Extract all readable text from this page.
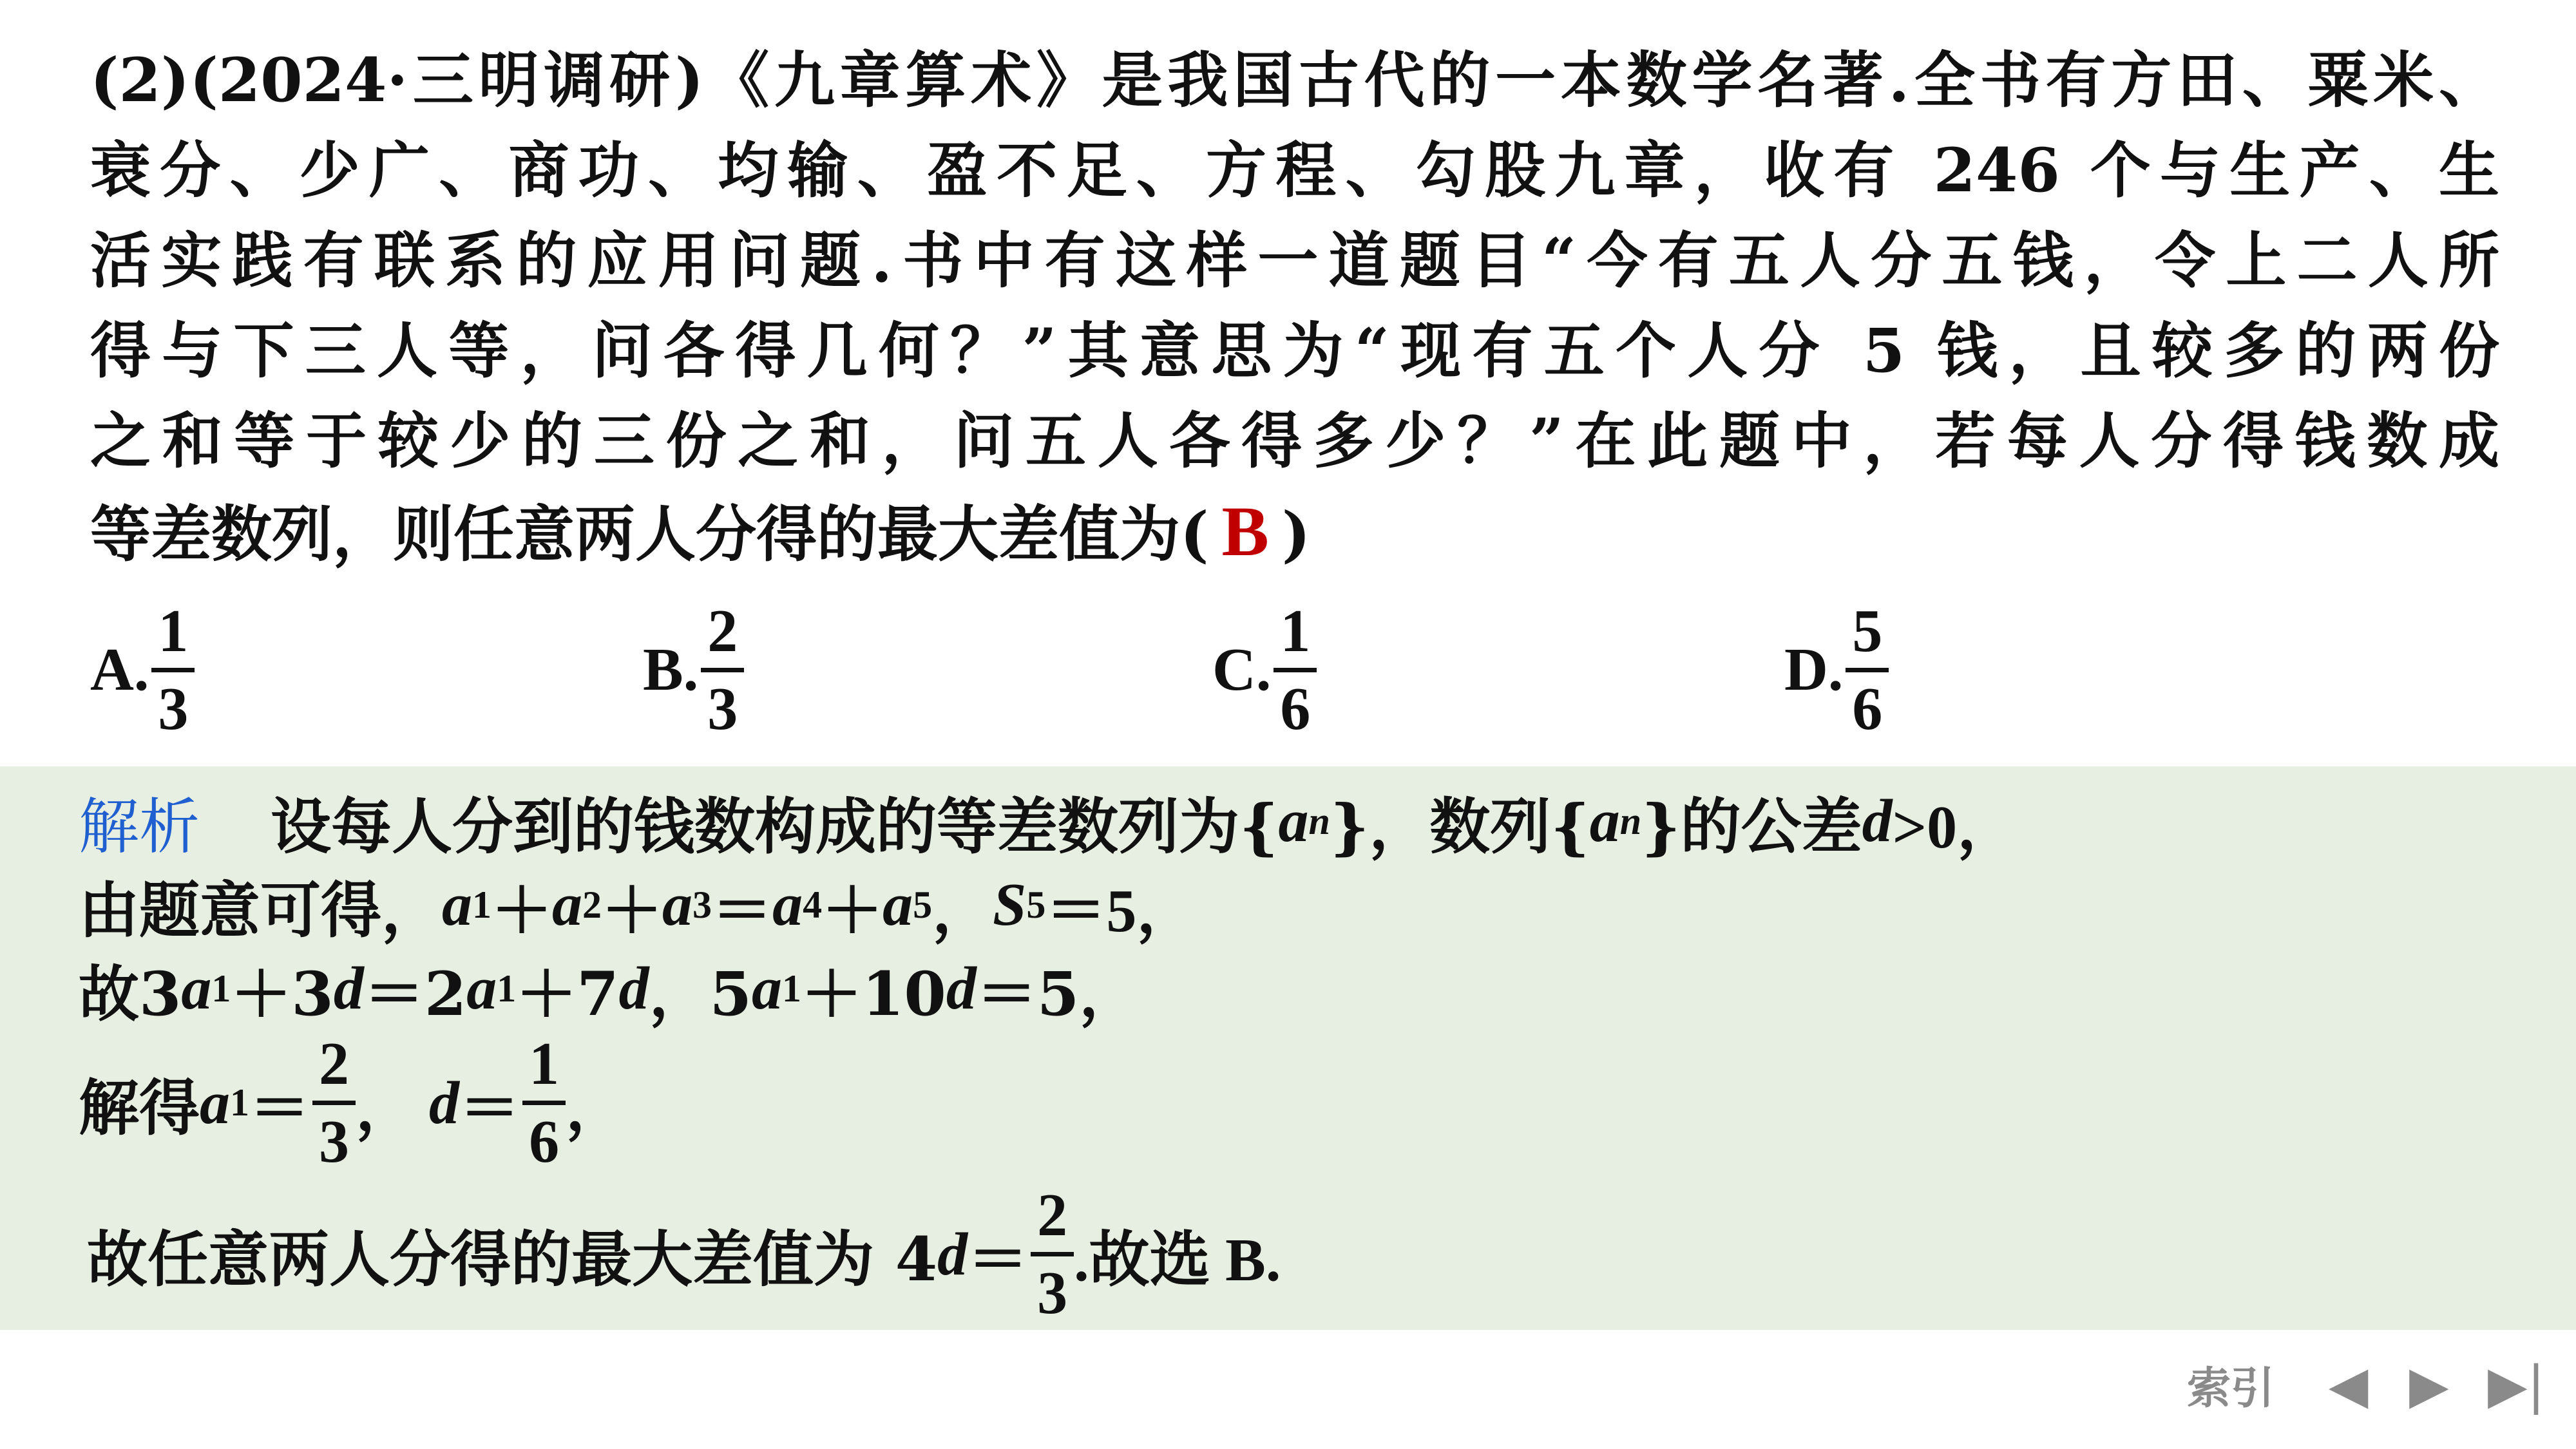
(2)(2024·三明调研)《九章算术》是我国古代的一本数学名著.全书有方田、粟米、
衰分、少广、商功、均输、盈不足、方程、勾股九章，收有 246 个与生产、生
活实践有联系的应用问题.书中有这样一道题目“今有五人分五钱，令上二人所
得与下三人等，问各得几何？”其意思为“现有五个人分 5 钱，且较多的两份
之和等于较少的三份之和，问五人各得多少？”在此题中，若每人分得钱数成
等差数列，则任意两人分得的最大差值为( B )
A. $\frac{1}{3}$	B. $\frac{2}{3}$	C. $\frac{1}{6}$	D. $\frac{5}{6}$
解析 设每人分到的钱数构成的等差数列为{ a n }，数列{ a n }的公差 d >0，
由题意可得， a 1 ＋ a 2 ＋ a 3 ＝ a 4 ＋ a 5 ， S 5 ＝5，
故3 a 1 ＋3 d ＝2 a 1 ＋7 d ，5 a 1 ＋10 d ＝5，
解得 a $1 = \frac{2}{3}$ ， $d = \frac{1}{6}$ ，
故任意两人分得的最大差值为 4 $d = \frac{2}{3}$ .故选 B.
索引 ◀ ▶ ▶|
